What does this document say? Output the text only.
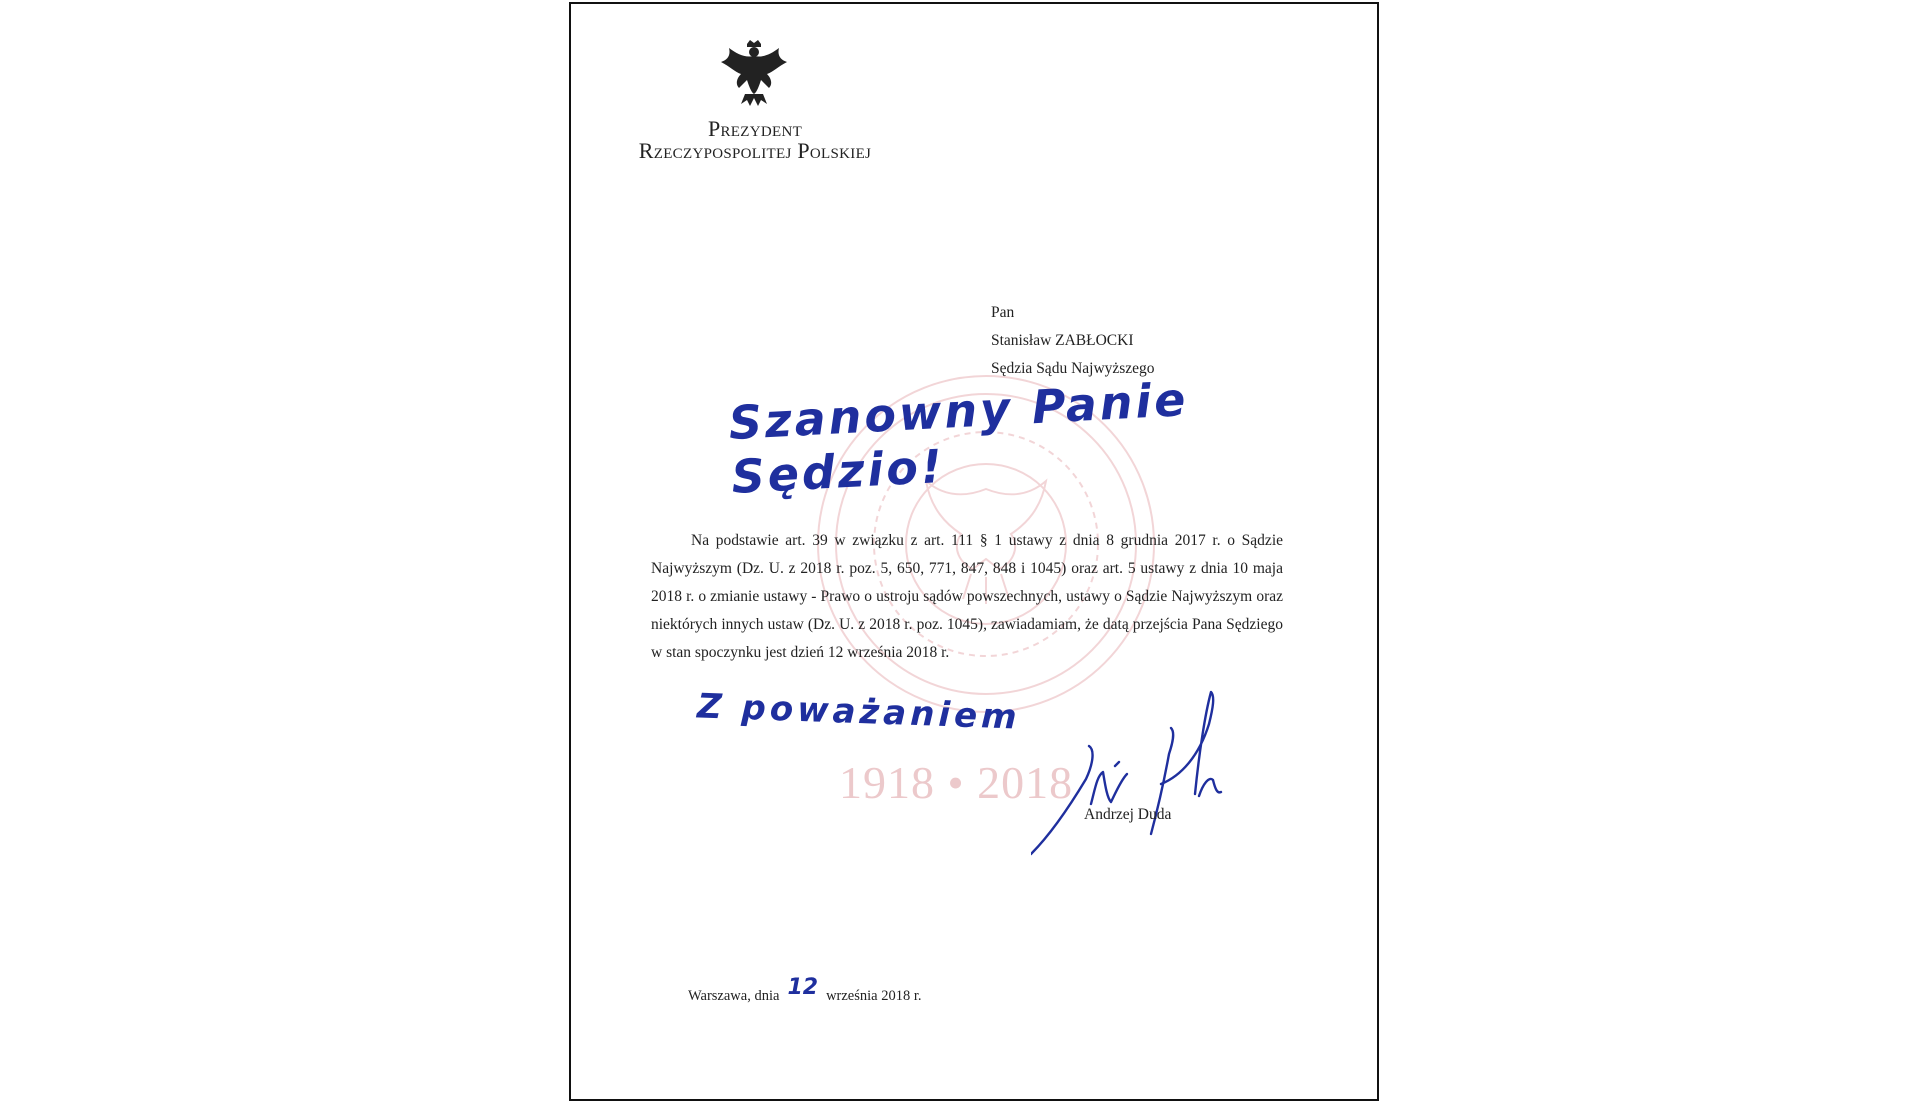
Prezydent
Rzeczypospolitej Polskiej
1918 • 2018
Pan
Stanisław ZABŁOCKI
Sędzia Sądu Najwyższego
Szanowny Panie Sędzio!
Na podstawie art. 39 w związku z art. 111 § 1 ustawy z dnia 8 grudnia 2017 r. o Sądzie Najwyższym (Dz. U. z 2018 r. poz. 5, 650, 771, 847, 848 i 1045) oraz art. 5 ustawy z dnia 10 maja 2018 r. o zmianie ustawy - Prawo o ustroju sądów powszechnych, ustawy o Sądzie Najwyższym oraz niektórych innych ustaw (Dz. U. z 2018 r. poz. 1045), zawiadamiam, że datą przejścia Pana Sędziego w stan spoczynku jest dzień 12 września 2018 r.
Z poważaniem
Andrzej Duda
Warszawa, dnia 12 września 2018 r.
